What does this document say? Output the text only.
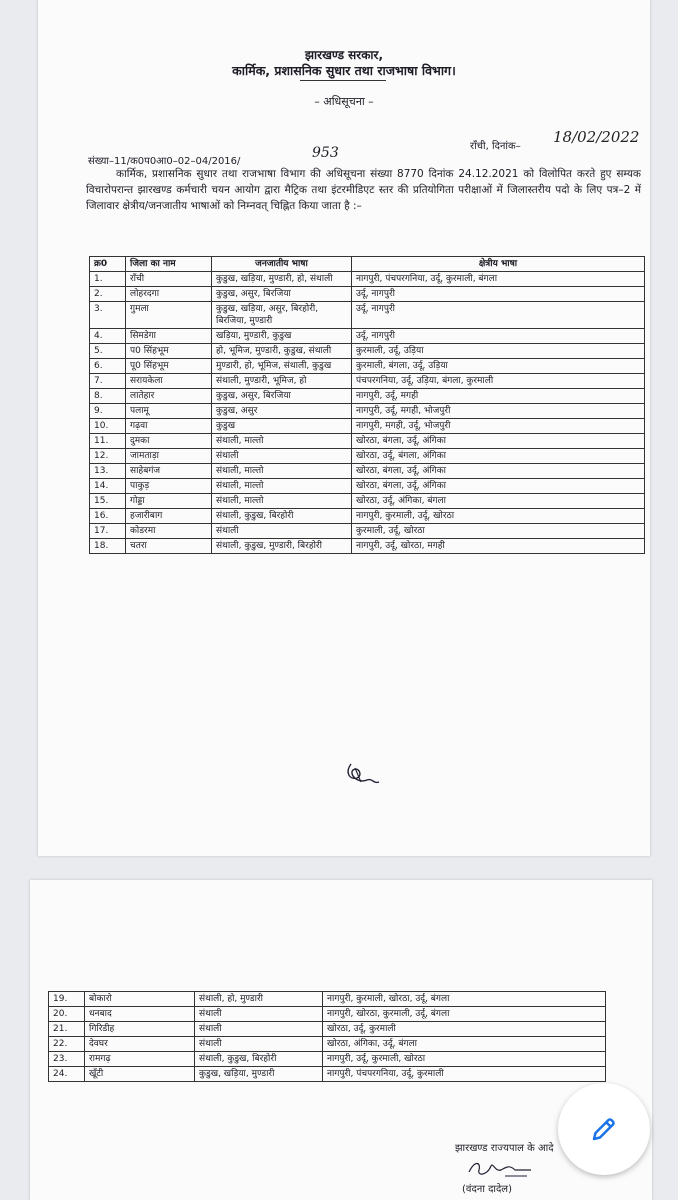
झारखण्ड सरकार,
कार्मिक, प्रशासनिक सुधार तथा राजभाषा विभाग।
– अधिसूचना –
राँची, दिनांक–
18/02/2022
संख्या–11/क0प0आ0–02–04/2016/
953
कार्मिक, प्रशासनिक सुधार तथा राजभाषा विभाग की अधिसूचना संख्या 8770 दिनांक 24.12.2021 को विलोपित करते हुए सम्यक विचारोपरान्त झारखण्ड कर्मचारी चयन आयोग द्वारा मैट्रिक तथा इंटरमीडिएट स्तर की प्रतियोगिता परीक्षाओं में जिलास्तरीय पदो के लिए पत्र–2 में जिलावार क्षेत्रीय/जनजातीय भाषाओं को निम्नवत् चिह्नित किया जाता है :–
क्र0	जिला का नाम	जनजातीय भाषा	क्षेत्रीय भाषा
1.	राँची	कुडुख, खड़िया, मुण्डारी, हो, संथाली	नागपुरी, पंचपरगनिया, उर्दू, कुरमाली, बंगला
2.	लोहरदगा	कुडुख, असुर, बिरजिया	उर्दू, नागपुरी
3.	गुमला	कुडुख, खड़िया, असुर, बिरहोरी, बिरजिया, मुण्डारी	उर्दू, नागपुरी
4.	सिमडेगा	खड़िया, मुण्डारी, कुडुख	उर्दू, नागपुरी
5.	प0 सिंहभूम	हो, भूमिज, मुण्डारी, कुडुख, संथाली	कुरमाली, उर्दू, उड़िया
6.	पू0 सिंहभूम	मुण्डारी, हो, भूमिज, संथाली, कुडुख	कुरमाली, बंगला, उर्दू, उड़िया
7.	सरायकेला	संथाली, मुण्डारी, भूमिज, हो	पंचपरगनिया, उर्दू, उड़िया, बंगला, कुरमाली
8.	लातेहार	कुडुख, असुर, बिरजिया	नागपुरी, उर्दू, मगही
9.	पलामू	कुडुख, असुर	नागपुरी, उर्दू, मगही, भोजपुरी
10.	गढ़वा	कुडुख	नागपुरी, मगही, उर्दू, भोजपुरी
11.	दुमका	संथाली, माल्तो	खोरठा, बंगला, उर्दू, अंगिका
12.	जामताड़ा	संथाली	खोरठा, उर्दू, बंगला, अंगिका
13.	साहेबगंज	संथाली, माल्तो	खोरठा, बंगला, उर्दू, अंगिका
14.	पाकुड़	संथाली, माल्तो	खोरठा, बंगला, उर्दू, अंगिका
15.	गोड्डा	संथाली, माल्तो	खोरठा, उर्दू, अंगिका, बंगला
16.	हजारीबाग	संथाली, कुडुख, बिरहोरी	नागपुरी, कुरमाली, उर्दू, खोरठा
17.	कोडरमा	संथाली	कुरमाली, उर्दू, खोरठा
18.	चतरा	संथाली, कुडुख, मुण्डारी, बिरहोरी	नागपुरी, उर्दू, खोरठा, मगही
19.	बोकारो	संथाली, हो, मुण्डारी	नागपुरी, कुरमाली, खोरठा, उर्दू, बंगला
20.	धनबाद	संथाली	नागपुरी, खोरठा, कुरमाली, उर्दू, बंगला
21.	गिरिडीह	संथाली	खोरठा, उर्दू, कुरमाली
22.	देवघर	संथाली	खोरठा, अंगिका, उर्दू, बंगला
23.	रामगढ़	संथाली, कुडुख, बिरहोरी	नागपुरी, उर्दू, कुरमाली, खोरठा
24.	खूँटी	कुडुख, खड़िया, मुण्डारी	नागपुरी, पंचपरगनिया, उर्दू, कुरमाली
झारखण्ड राज्यपाल के आदे
(वंदना दादेल)
